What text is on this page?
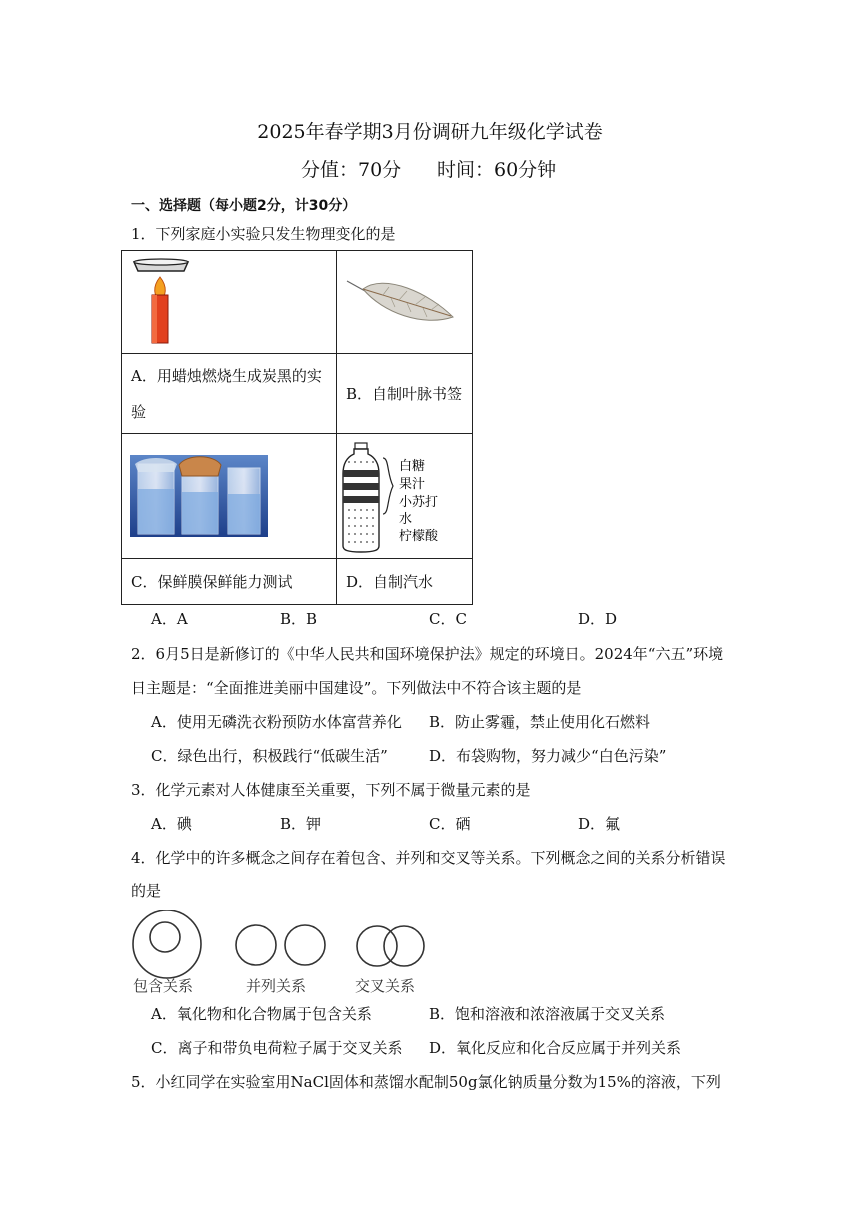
2025年春学期3月份调研九年级化学试卷
分值：70分 时间：60分钟
一、选择题（每小题2分，计30分）
1．下列家庭小实验只发生物理变化的是

A．用蜡烛燃烧生成炭黑的实
验	B．自制叶脉书签

白糖
果汁
小苏打
水
柠檬酸

C．保鲜膜保鲜能力测试	D．自制汽水
A．A	B．B	C．C	D．D
2．6月5日是新修订的《中华人民共和国环境保护法》规定的环境日。2024年“六五”环境
日主题是：“全面推进美丽中国建设”。下列做法中不符合该主题的是
A．使用无磷洗衣粉预防水体富营养化 B．防止雾霾，禁止使用化石燃料
C．绿色出行，积极践行“低碳生活”	D．布袋购物，努力减少“白色污染”
3．化学元素对人体健康至关重要，下列不属于微量元素的是
A．碘	B．钾	C．硒	D．氟
4．化学中的许多概念之间存在着包含、并列和交叉等关系。下列概念之间的关系分析错误
的是
包含关系	并列关系	交叉关系
A．氧化物和化合物属于包含关系	B．饱和溶液和浓溶液属于交叉关系
C．离子和带负电荷粒子属于交叉关系 D．氧化反应和化合反应属于并列关系
5．小红同学在实验室用NaCl固体和蒸馏水配制50g氯化钠质量分数为15%的溶液，下列
